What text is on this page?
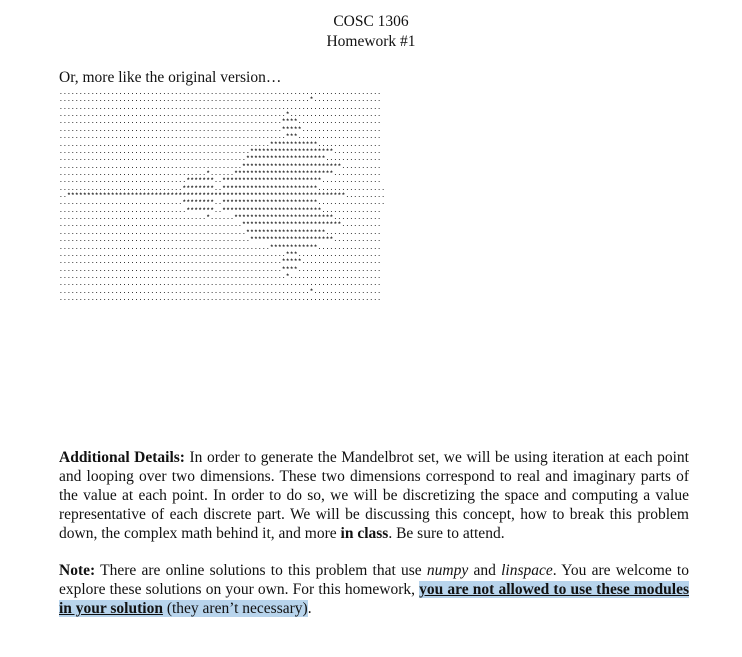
COSC 1306
Homework #1
Or, more like the original version…
.................................................................................
...............................................................*.................
.................................................................................
.........................................................*.......................
........................................................****.....................
........................................................*****....................
.........................................................***.....................
.....................................................************................
................................................*********************............
...............................................********************..............
..............................................*************************..........
.....................................*......*************************............
................................*******..*************************...............
...............................********..************************.................
..**********************************************************************..........
...............................********..************************.................
................................*******..*************************...............
.....................................*......*************************............
..............................................*************************..........
...............................................********************..............
................................................*********************............
.....................................................************................
.........................................................***.....................
........................................................*****....................
........................................................****.....................
.........................................................*.......................
.................................................................................
...............................................................*.................
.................................................................................
Additional Details: In order to generate the Mandelbrot set, we will be using iteration at each point and looping over two dimensions. These two dimensions correspond to real and imaginary parts of the value at each point. In order to do so, we will be discretizing the space and computing a value representative of each discrete part. We will be discussing this concept, how to break this problem down, the complex math behind it, and more in class. Be sure to attend.
Note: There are online solutions to this problem that use numpy and linspace. You are welcome to explore these solutions on your own. For this homework, you are not allowed to use these modules in your solution (they aren’t necessary).
